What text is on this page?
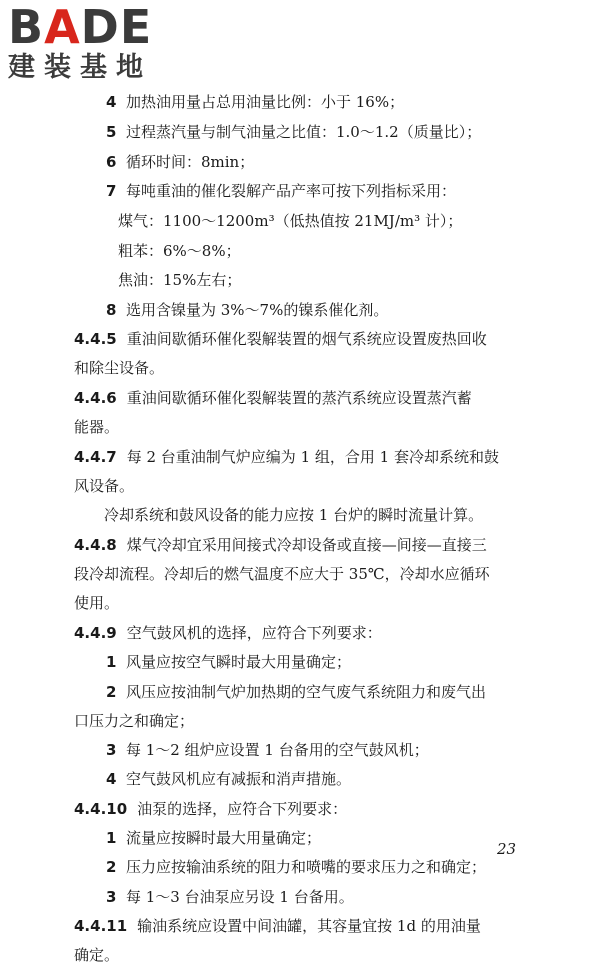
BADE
建装基地
4 加热油用量占总用油量比例：小于 16%；
5 过程蒸汽量与制气油量之比值：1.0～1.2（质量比）；
6 循环时间：8min；
7 每吨重油的催化裂解产品产率可按下列指标采用：
煤气：1100～1200m³（低热值按 21MJ/m³ 计）；
粗苯：6%～8%；
焦油：15%左右；
8 选用含镍量为 3%～7%的镍系催化剂。
4.4.5 重油间歇循环催化裂解装置的烟气系统应设置废热回收
和除尘设备。
4.4.6 重油间歇循环催化裂解装置的蒸汽系统应设置蒸汽蓄
能器。
4.4.7 每 2 台重油制气炉应编为 1 组，合用 1 套冷却系统和鼓
风设备。
冷却系统和鼓风设备的能力应按 1 台炉的瞬时流量计算。
4.4.8 煤气冷却宜采用间接式冷却设备或直接—间接—直接三
段冷却流程。冷却后的燃气温度不应大于 35℃，冷却水应循环
使用。
4.4.9 空气鼓风机的选择，应符合下列要求：
1 风量应按空气瞬时最大用量确定；
2 风压应按油制气炉加热期的空气废气系统阻力和废气出
口压力之和确定；
3 每 1～2 组炉应设置 1 台备用的空气鼓风机；
4 空气鼓风机应有减振和消声措施。
4.4.10 油泵的选择，应符合下列要求：
1 流量应按瞬时最大用量确定；
2 压力应按输油系统的阻力和喷嘴的要求压力之和确定；
3 每 1～3 台油泵应另设 1 台备用。
4.4.11 输油系统应设置中间油罐，其容量宜按 1d 的用油量
确定。
23
